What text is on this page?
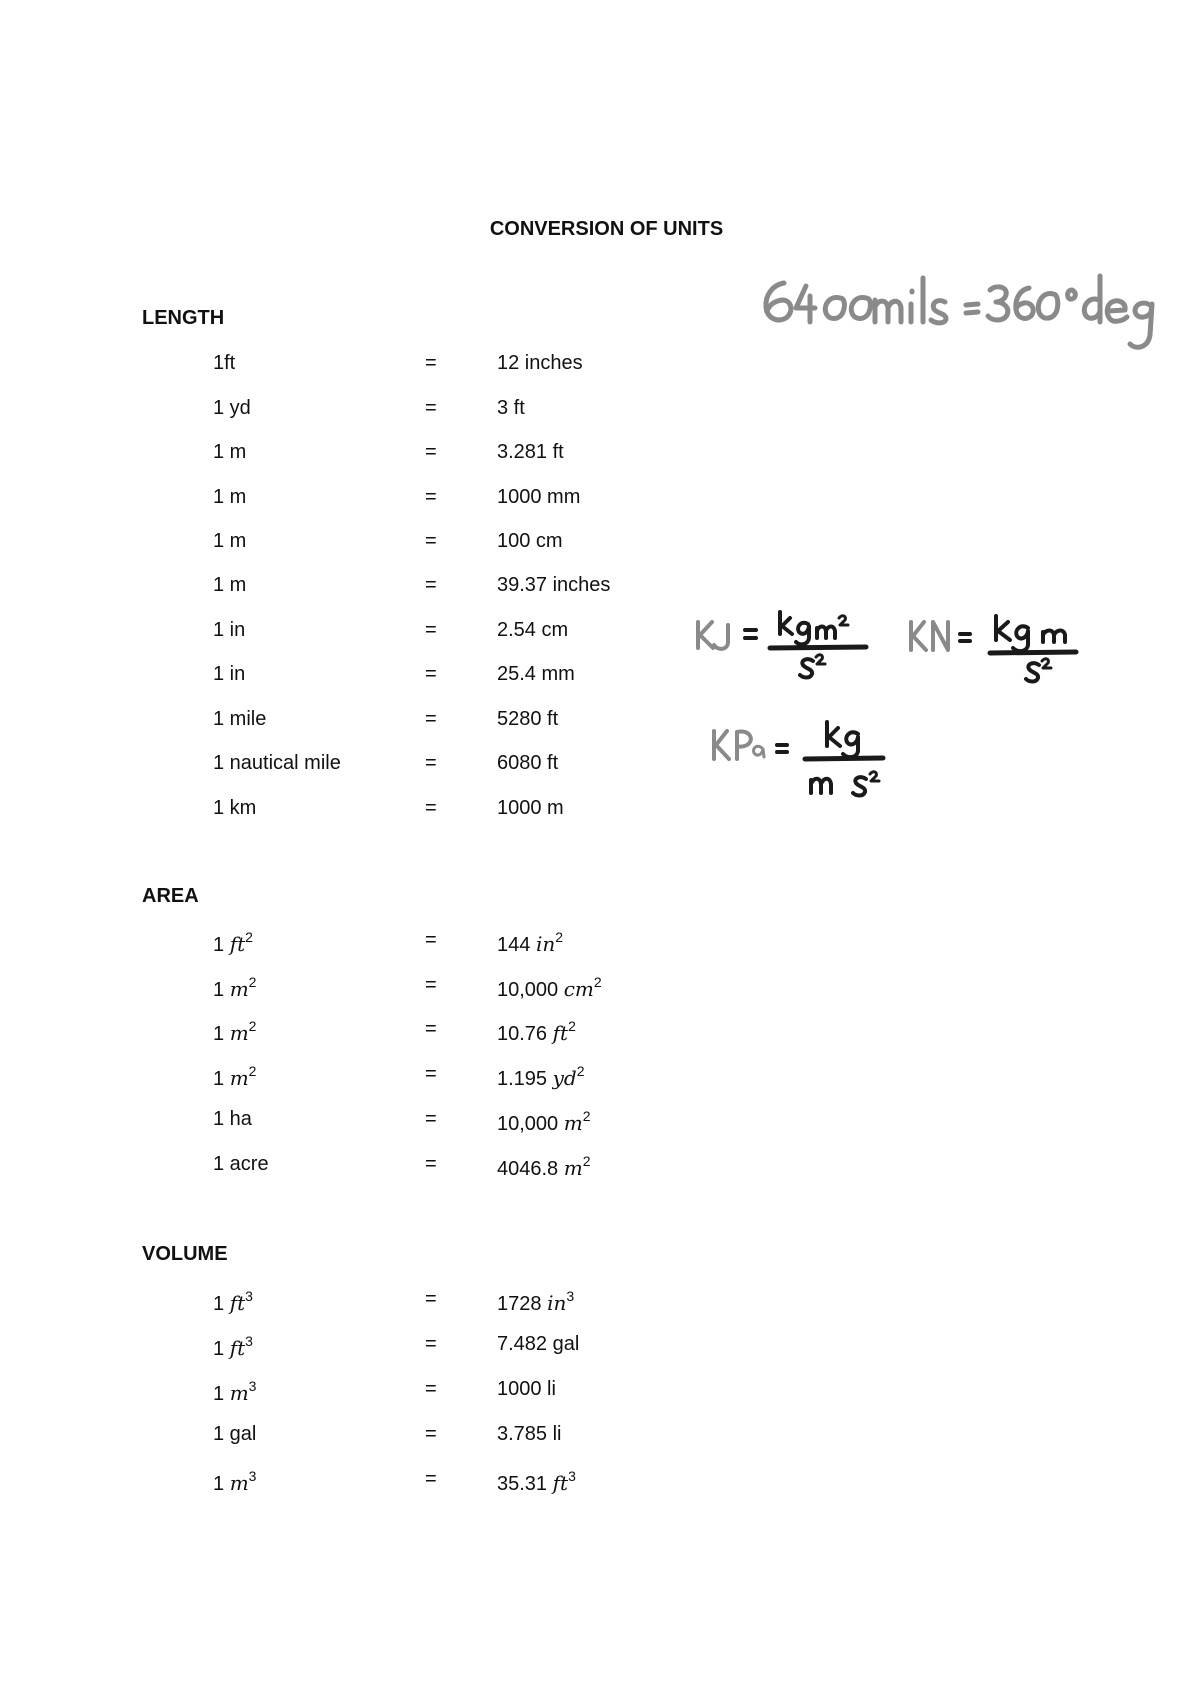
CONVERSION OF UNITS
LENGTH
AREA
VOLUME
1ft	=	12 inches
1 yd	=	3 ft
1 m	=	3.281 ft
1 m	=	1000 mm
1 m	=	100 cm
1 m	=	39.37 inches
1 in	=	2.54 cm
1 in	=	25.4 mm
1 mile	=	5280 ft
1 nautical mile	=	6080 ft
1 km	=	1000 m
1 $ft^2$	=	144 $in^2$
1 $m^2$	=	10,000 $cm^2$
1 $m^2$	=	10.76 $ft^2$
1 $m^2$	=	1.195 $yd^2$
1 ha	=	10,000 $m^2$
1 acre	=	4046.8 $m^2$
1 $ft^3$	=	1728 $in^3$
1 $ft^3$	=	7.482 gal
1 $m^3$	=	1000 li
1 gal	=	3.785 li
1 $m^3$	=	35.31 $ft^3$
